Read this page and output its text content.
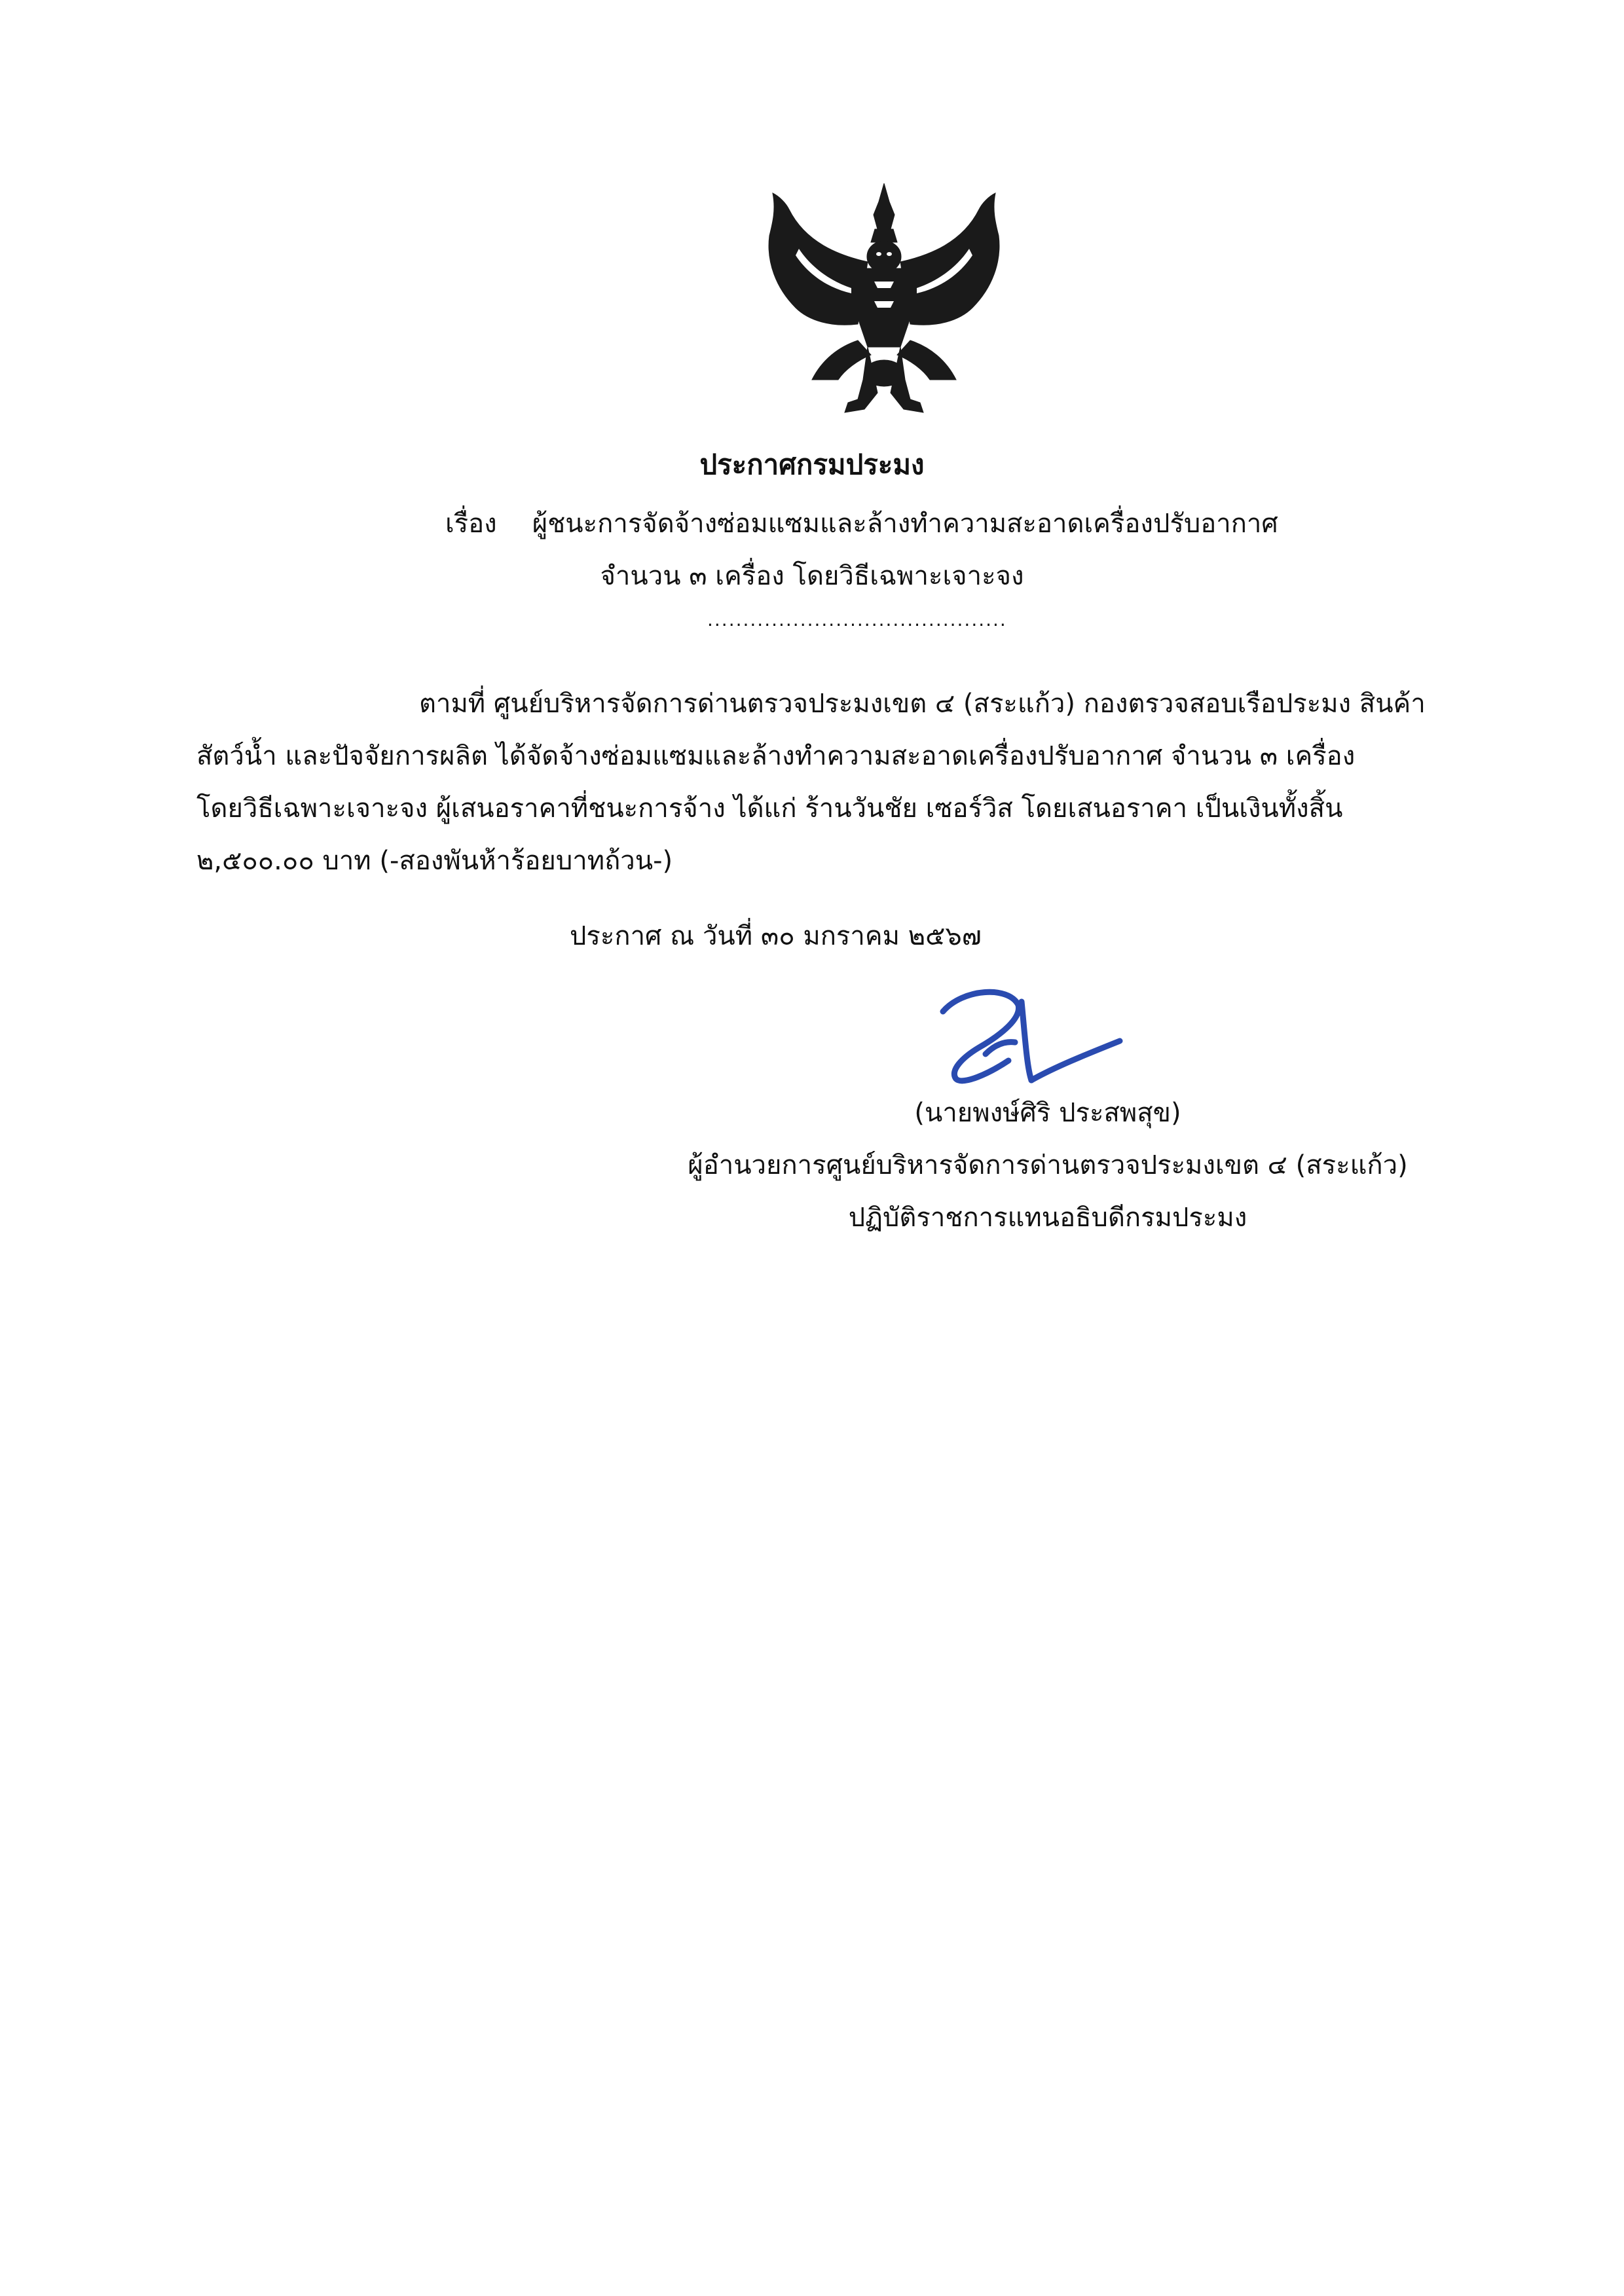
ประกาศกรมประมง
เรื่อง ผู้ชนะการจัดจ้างซ่อมแซมและล้างทำความสะอาดเครื่องปรับอากาศ
จำนวน ๓ เครื่อง โดยวิธีเฉพาะเจาะจง
..........................................
ตามที่ ศูนย์บริหารจัดการด่านตรวจประมงเขต ๔ (สระแก้ว) กองตรวจสอบเรือประมง สินค้า
สัตว์น้ำ และปัจจัยการผลิต ได้จัดจ้างซ่อมแซมและล้างทำความสะอาดเครื่องปรับอากาศ จำนวน ๓ เครื่อง
โดยวิธีเฉพาะเจาะจง ผู้เสนอราคาที่ชนะการจ้าง ได้แก่ ร้านวันชัย เซอร์วิส โดยเสนอราคา เป็นเงินทั้งสิ้น
๒,๕๐๐.๐๐ บาท (-สองพันห้าร้อยบาทถ้วน-)
ประกาศ ณ วันที่ ๓๐ มกราคม ๒๕๖๗
(นายพงษ์ศิริ ประสพสุข)
ผู้อำนวยการศูนย์บริหารจัดการด่านตรวจประมงเขต ๔ (สระแก้ว)
ปฏิบัติราชการแทนอธิบดีกรมประมง
